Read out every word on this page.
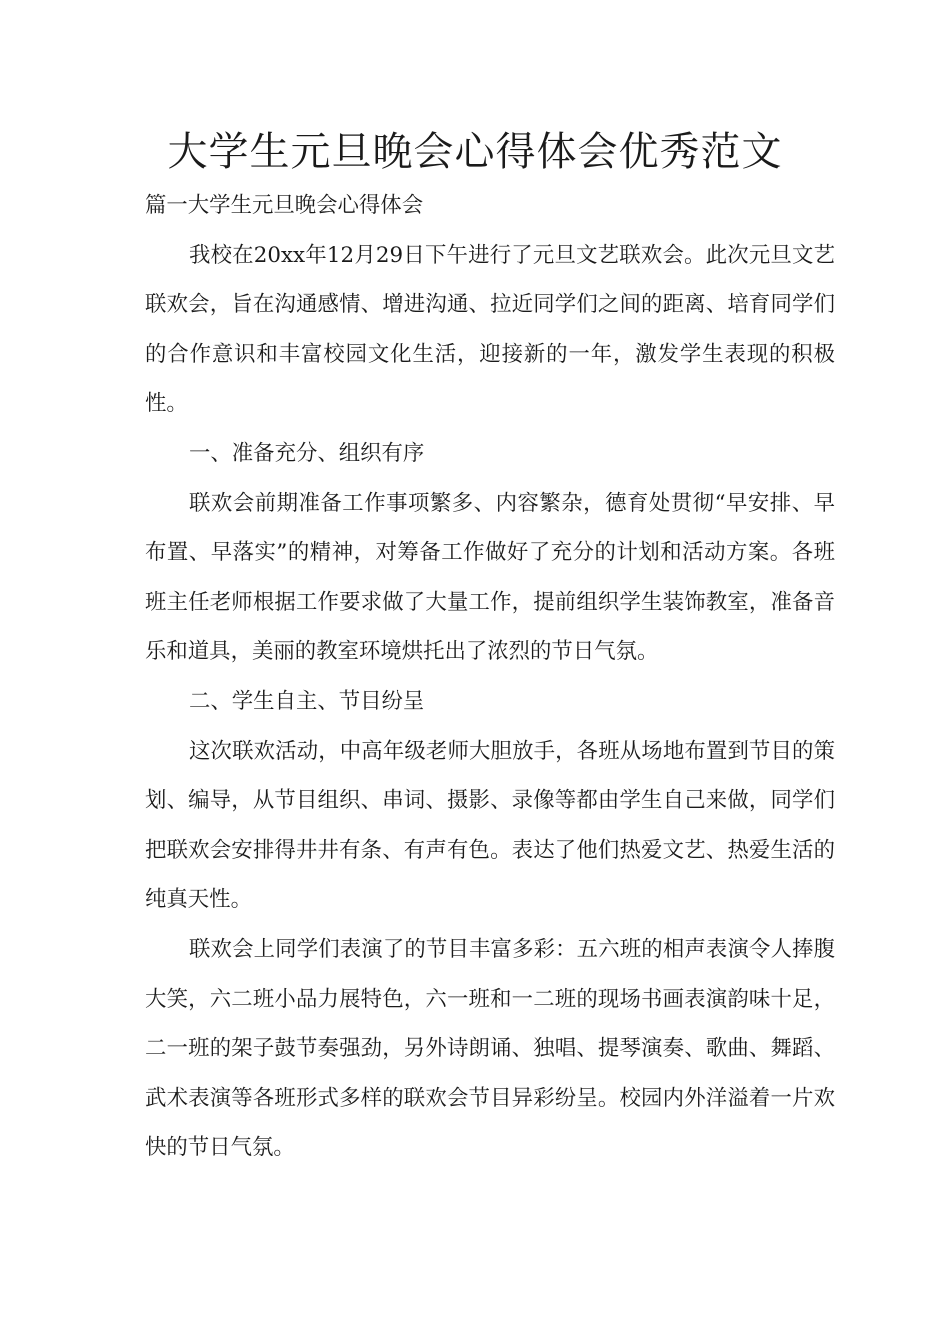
大学生元旦晚会心得体会优秀范文

篇一大学生元旦晚会心得体会

我校在20xx年12月29日下午进行了元旦文艺联欢会。此次元旦文艺联欢会，旨在沟通感情、增进沟通、拉近同学们之间的距离、培育同学们的合作意识和丰富校园文化生活，迎接新的一年，激发学生表现的积极性。

一、准备充分、组织有序

联欢会前期准备工作事项繁多、内容繁杂，德育处贯彻“早安排、早布置、早落实”的精神，对筹备工作做好了充分的计划和活动方案。各班班主任老师根据工作要求做了大量工作，提前组织学生装饰教室，准备音乐和道具，美丽的教室环境烘托出了浓烈的节日气氛。

二、学生自主、节目纷呈

这次联欢活动，中高年级老师大胆放手，各班从场地布置到节目的策划、编导，从节目组织、串词、摄影、录像等都由学生自己来做，同学们把联欢会安排得井井有条、有声有色。表达了他们热爱文艺、热爱生活的纯真天性。

联欢会上同学们表演了的节目丰富多彩：五六班的相声表演令人捧腹大笑，六二班小品力展特色，六一班和一二班的现场书画表演韵味十足，二一班的架子鼓节奏强劲，另外诗朗诵、独唱、提琴演奏、歌曲、舞蹈、武术表演等各班形式多样的联欢会节目异彩纷呈。校园内外洋溢着一片欢快的节日气氛。
